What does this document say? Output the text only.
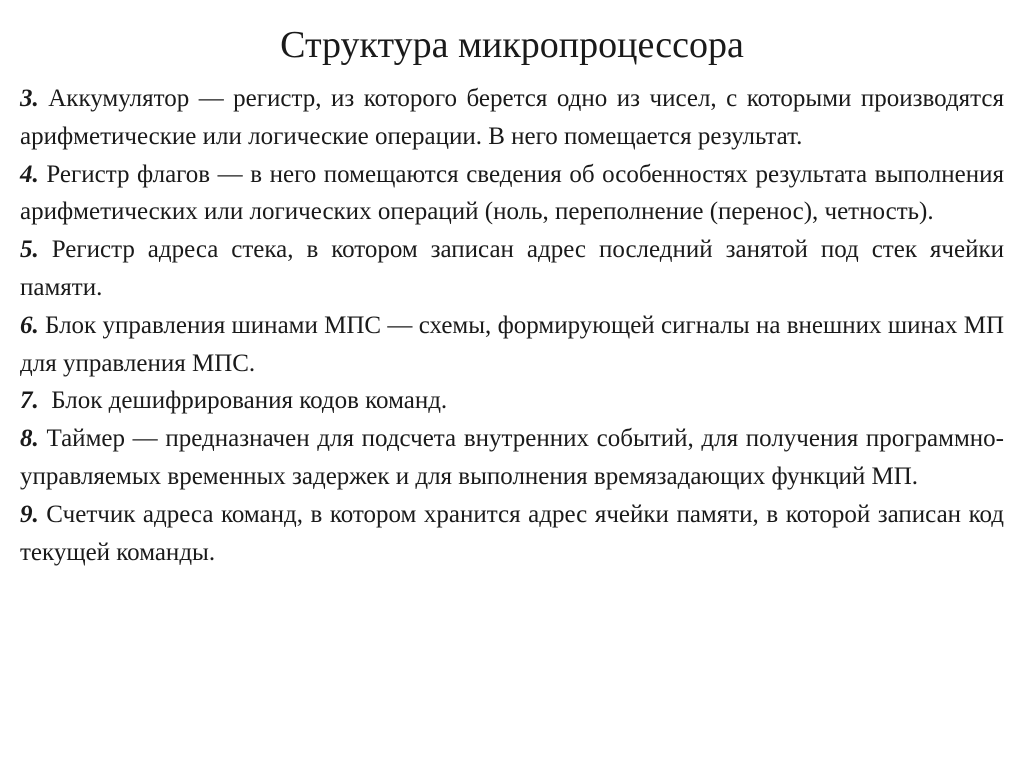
Структура микропроцессора

3. Аккумулятор — регистр, из которого берется одно из чисел, с которыми производятся арифметические или логические операции. В него помещается результат.

4. Регистр флагов — в него помещаются сведения об особенностях результата выполнения арифметических или логических операций (ноль, переполнение (перенос), четность).

5. Регистр адреса стека, в котором записан адрес последний занятой под стек ячейки памяти.

6. Блок управления шинами МПС — схемы, формирующей сигналы на внешних шинах МП для управления МПС.

7.  Блок дешифрирования кодов команд.

8. Таймер — предназначен для подсчета внутренних событий, для получения программно-управляемых временных задержек и для выполнения времязадающих функций МП.

9. Счетчик адреса команд, в котором хранится адрес ячейки памяти, в которой записан код текущей команды.
